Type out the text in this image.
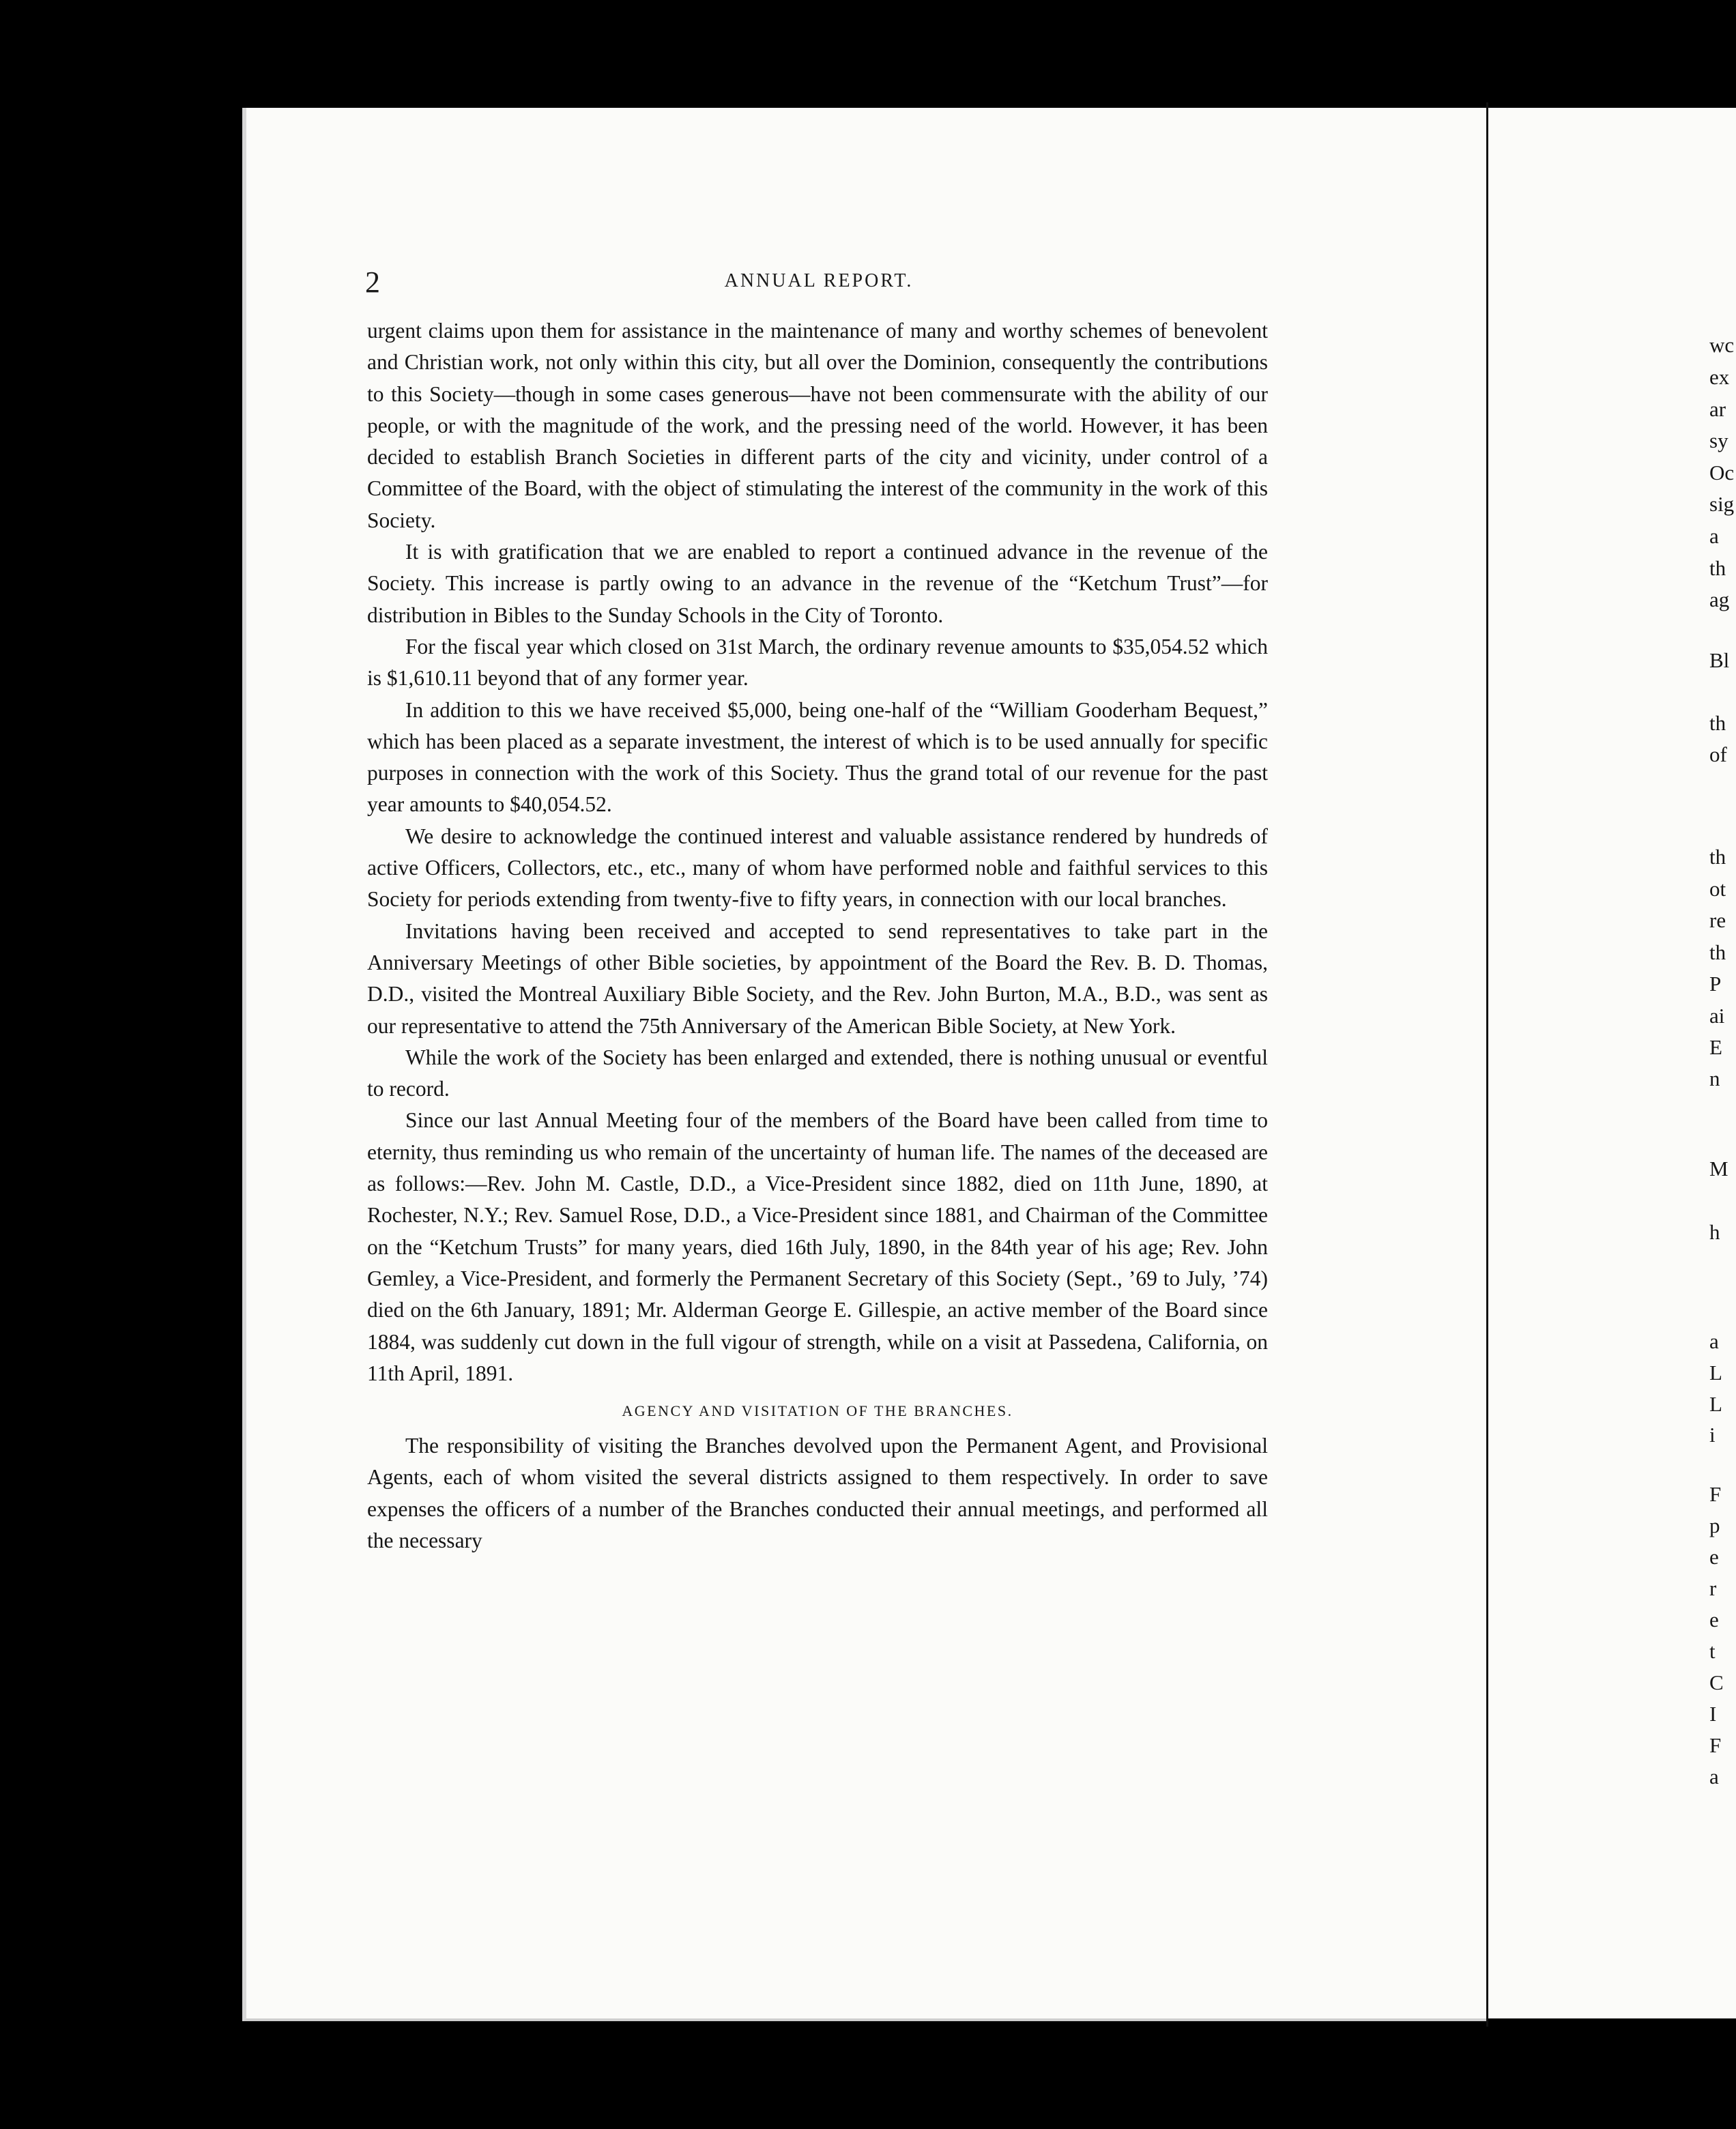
2	ANNUAL REPORT.

urgent claims upon them for assistance in the maintenance of many and worthy schemes of benevolent and Christian work, not only within this city, but all over the Dominion, consequently the contributions to this Society—though in some cases generous—have not been commensurate with the ability of our people, or with the magnitude of the work, and the pressing need of the world. However, it has been decided to establish Branch Societies in different parts of the city and vicinity, under control of a Committee of the Board, with the object of stimulating the interest of the community in the work of this Society.

It is with gratification that we are enabled to report a continued advance in the revenue of the Society. This increase is partly owing to an advance in the revenue of the “Ketchum Trust”—for distribution in Bibles to the Sunday Schools in the City of Toronto.

For the fiscal year which closed on 31st March, the ordinary revenue amounts to $35,054.52 which is $1,610.11 beyond that of any former year.

In addition to this we have received $5,000, being one-half of the “William Gooderham Bequest,” which has been placed as a separate investment, the interest of which is to be used annually for specific purposes in connection with the work of this Society. Thus the grand total of our revenue for the past year amounts to $40,054.52.

We desire to acknowledge the continued interest and valuable assistance rendered by hundreds of active Officers, Collectors, etc., etc., many of whom have performed noble and faithful services to this Society for periods extending from twenty-five to fifty years, in connection with our local branches.

Invitations having been received and accepted to send representatives to take part in the Anniversary Meetings of other Bible societies, by appointment of the Board the Rev. B. D. Thomas, D.D., visited the Montreal Auxiliary Bible Society, and the Rev. John Burton, M.A., B.D., was sent as our representative to attend the 75th Anniversary of the American Bible Society, at New York.

While the work of the Society has been enlarged and extended, there is nothing unusual or eventful to record.

Since our last Annual Meeting four of the members of the Board have been called from time to eternity, thus reminding us who remain of the uncertainty of human life. The names of the deceased are as follows:—Rev. John M. Castle, D.D., a Vice-President since 1882, died on 11th June, 1890, at Rochester, N.Y.; Rev. Samuel Rose, D.D., a Vice-President since 1881, and Chairman of the Committee on the “Ketchum Trusts” for many years, died 16th July, 1890, in the 84th year of his age; Rev. John Gemley, a Vice-President, and formerly the Permanent Secretary of this Society (Sept., ’69 to July, ’74) died on the 6th January, 1891; Mr. Alderman George E. Gillespie, an active member of the Board since 1884, was suddenly cut down in the full vigour of strength, while on a visit at Passedena, California, on 11th April, 1891.

AGENCY AND VISITATION OF THE BRANCHES.

The responsibility of visiting the Branches devolved upon the Permanent Agent, and Provisional Agents, each of whom visited the several districts assigned to them respectively. In order to save expenses the officers of a number of the Branches conducted their annual meetings, and performed all the necessary

wc
ex
ar
sy
Oc
sig
a
th
ag
Bl
th
of
th
ot
re
th
P
ai
E
n
M
h
a
L
L
i
F
p
e
r
e
t
C
I
F
a
